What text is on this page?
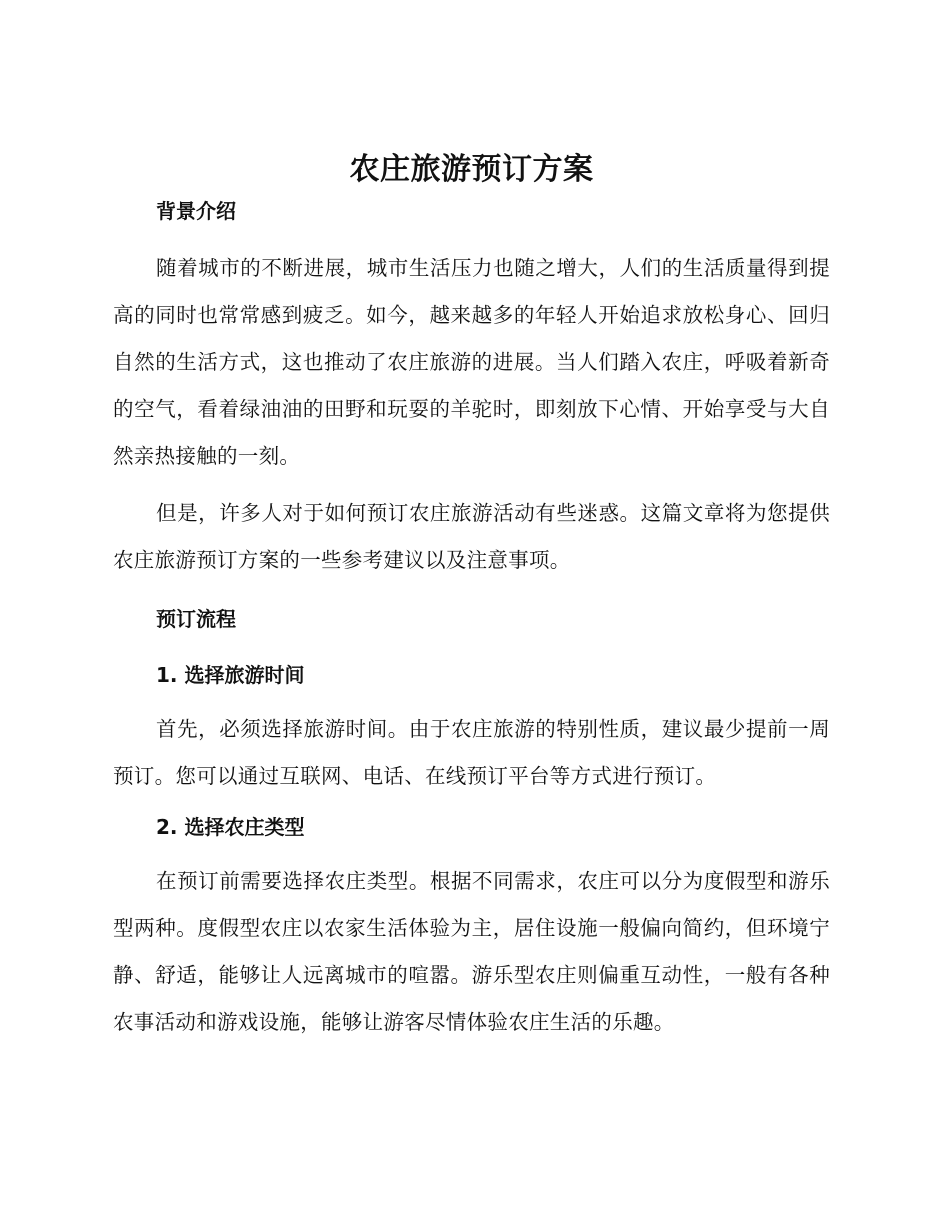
农庄旅游预订方案

背景介绍

随着城市的不断进展，城市生活压力也随之增大，人们的生活质量得到提高的同时也常常感到疲乏。如今，越来越多的年轻人开始追求放松身心、回归自然的生活方式，这也推动了农庄旅游的进展。当人们踏入农庄，呼吸着新奇的空气，看着绿油油的田野和玩耍的羊驼时，即刻放下心情、开始享受与大自然亲热接触的一刻。

但是，许多人对于如何预订农庄旅游活动有些迷惑。这篇文章将为您提供农庄旅游预订方案的一些参考建议以及注意事项。

预订流程

1. 选择旅游时间

首先，必须选择旅游时间。由于农庄旅游的特别性质，建议最少提前一周预订。您可以通过互联网、电话、在线预订平台等方式进行预订。

2. 选择农庄类型

在预订前需要选择农庄类型。根据不同需求，农庄可以分为度假型和游乐型两种。度假型农庄以农家生活体验为主，居住设施一般偏向简约，但环境宁静、舒适，能够让人远离城市的喧嚣。游乐型农庄则偏重互动性，一般有各种农事活动和游戏设施，能够让游客尽情体验农庄生活的乐趣。
